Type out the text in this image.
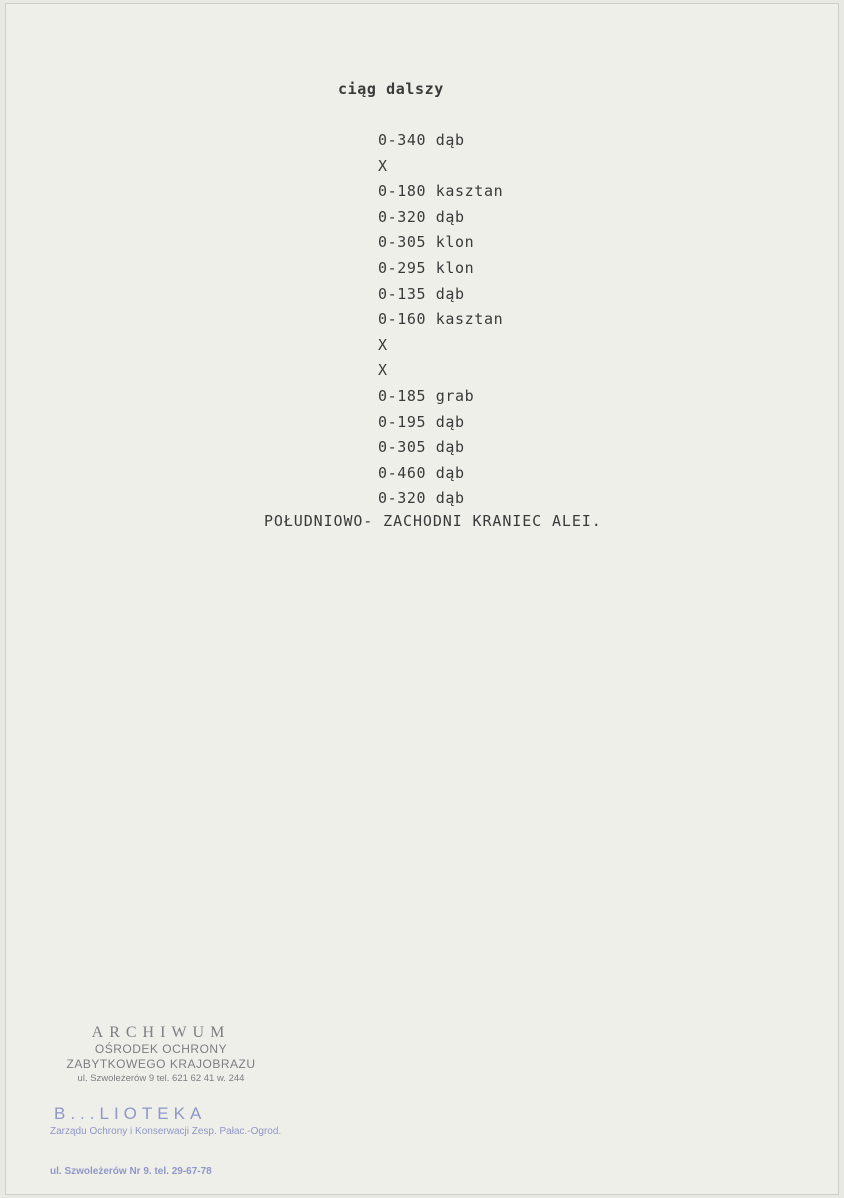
ciąg dalszy
0-340 dąb
X
0-180 kasztan
0-320 dąb
0-305 klon
0-295 klon
0-135 dąb
0-160 kasztan
X
X
0-185 grab
0-195 dąb
0-305 dąb
0-460 dąb
0-320 dąb
POŁUDNIOWO- ZACHODNI KRANIEC ALEI.
ARCHIWUM
OŚRODEK OCHRONY
ZABYTKOWEGO KRAJOBRAZU
ul. Szwoleżerów 9 tel. 621 62 41 w. 244
B...LIOTEKA
Zarządu Ochrony i Konserwacji Zesp. Pałac.-Ogrod.
ul. Szwoleżerów Nr 9. tel. 29-67-78
